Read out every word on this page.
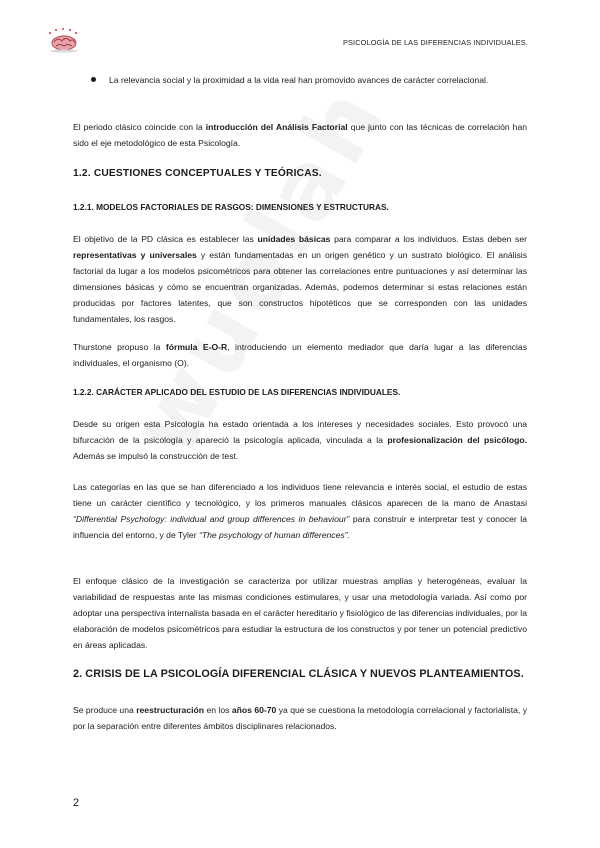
PSICOLOGÍA DE LAS DIFERENCIAS INDIVIDUALES.
La relevancia social y la proximidad a la vida real han promovido avances de carácter correlacional.
El periodo clásico coincide con la introducción del Análisis Factorial que junto con las técnicas de correlación han sido el eje metodológico de esta Psicología.
1.2. CUESTIONES CONCEPTUALES Y TEÓRICAS.
1.2.1. MODELOS FACTORIALES DE RASGOS: DIMENSIONES Y ESTRUCTURAS.
El objetivo de la PD clásica es establecer las unidades básicas para comparar a los individuos. Estas deben ser representativas y universales y están fundamentadas en un origen genético y un sustrato biológico. El análisis factorial da lugar a los modelos psicométricos para obtener las correlaciones entre puntuaciones y así determinar las dimensiones básicas y cómo se encuentran organizadas. Además, podemos determinar si estas relaciones están producidas por factores latentes, que son constructos hipotéticos que se corresponden con las unidades fundamentales, los rasgos.
Thurstone propuso la fórmula E-O-R, introduciendo un elemento mediador que daría lugar a las diferencias individuales, el organismo (O).
1.2.2. CARÁCTER APLICADO DEL ESTUDIO DE LAS DIFERENCIAS INDIVIDUALES.
Desde su origen esta Psicología ha estado orientada a los intereses y necesidades sociales. Esto provocó una bifurcación de la psicología y apareció la psicología aplicada, vinculada a la profesionalización del psicólogo. Además se impulsó la construcción de test.
Las categorías en las que se han diferenciado a los individuos tiene relevancia e interés social, el estudio de estas tiene un carácter científico y tecnológico, y los primeros manuales clásicos aparecen de la mano de Anastasi “Differential Psychology: individual and group differences in behaviour” para construir e interpretar test y conocer la influencia del entorno, y de Tyler “The psychology of human differences”.
El enfoque clásico de la investigación se caracteriza por utilizar muestras amplias y heterogéneas, evaluar la variabilidad de respuestas ante las mismas condiciones estimulares, y usar una metodología variada. Así como por adoptar una perspectiva internalista basada en el carácter hereditario y fisiológico de las diferencias individuales, por la elaboración de modelos psicométricos para estudiar la estructura de los constructos y por tener un potencial predictivo en áreas aplicadas.
2. CRISIS DE LA PSICOLOGÍA DIFERENCIAL CLÁSICA Y NUEVOS PLANTEAMIENTOS.
Se produce una reestructuración en los años 60-70 ya que se cuestiona la metodología correlacional y factorialista, y por la separación entre diferentes ámbitos disciplinares relacionados.
2
